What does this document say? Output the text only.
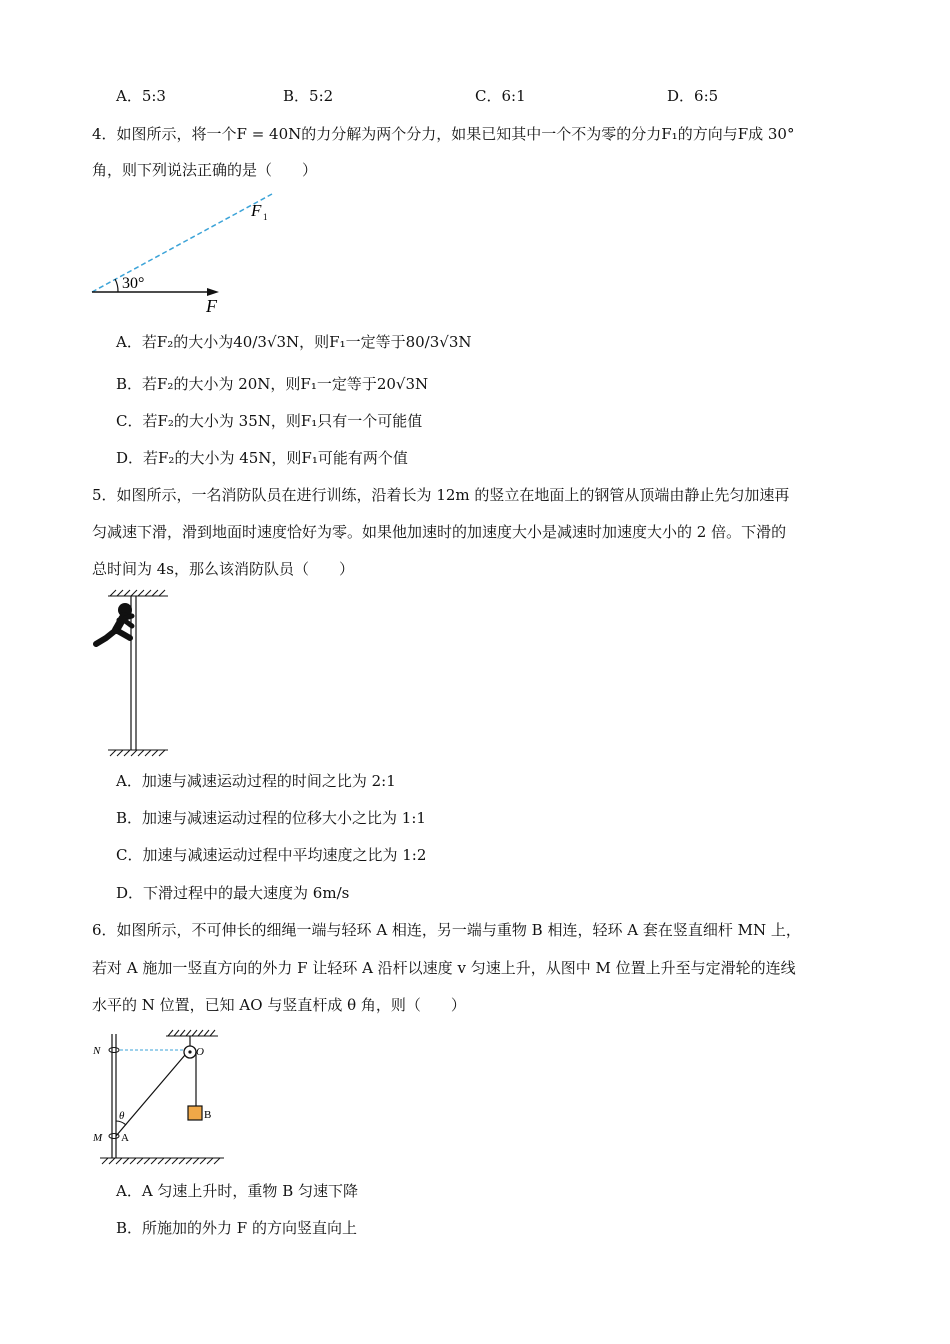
A．5:3	B．5:2	C．6:1	D．6:5
4．如图所示，将一个F = 40N的力分解为两个分力，如果已知其中一个不为零的分力F₁的方向与F成 30°
角，则下列说法正确的是（　　）
30°
F
F 1
A．若F₂的大小为40/3√3N，则F₁一定等于80/3√3N
B．若F₂的大小为 20N，则F₁一定等于20√3N
C．若F₂的大小为 35N，则F₁只有一个可能值
D．若F₂的大小为 45N，则F₁可能有两个值
5．如图所示，一名消防队员在进行训练，沿着长为 12m 的竖立在地面上的钢管从顶端由静止先匀加速再
匀减速下滑，滑到地面时速度恰好为零。如果他加速时的加速度大小是减速时加速度大小的 2 倍。下滑的
总时间为 4s，那么该消防队员（　　）
A．加速与减速运动过程的时间之比为 2:1
B．加速与减速运动过程的位移大小之比为 1:1
C．加速与减速运动过程中平均速度之比为 1:2
D．下滑过程中的最大速度为 6m/s
6．如图所示，不可伸长的细绳一端与轻环 A 相连，另一端与重物 B 相连，轻环 A 套在竖直细杆 MN 上，
若对 A 施加一竖直方向的外力 F 让轻环 A 沿杆以速度 v 匀速上升，从图中 M 位置上升至与定滑轮的连线
水平的 N 位置，已知 AO 与竖直杆成 θ 角，则（　　）
N	O
θ
M A
B
A．A 匀速上升时，重物 B 匀速下降
B．所施加的外力 F 的方向竖直向上
